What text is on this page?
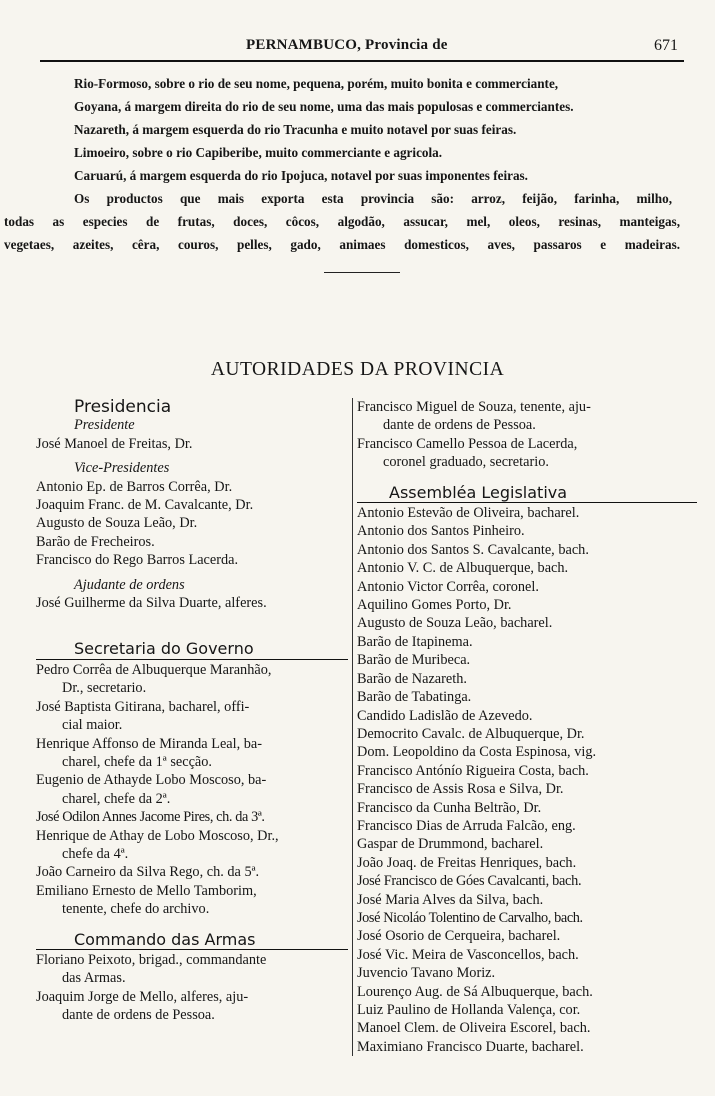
PERNAMBUCO, Provincia de	671
Rio-Formoso, sobre o rio de seu nome, pequena, porém, muito bonita e commerciante,
Goyana, á margem direita do rio de seu nome, uma das mais populosas e commerciantes.
Nazareth, á margem esquerda do rio Tracunha e muito notavel por suas feiras.
Limoeiro, sobre o rio Capiberibe, muito commerciante e agricola.
Caruarú, á margem esquerda do rio Ipojuca, notavel por suas imponentes feiras.
Os productos que mais exporta esta provincia são: arroz, feijão, farinha, milho,
todas as especies de frutas, doces, côcos, algodão, assucar, mel, oleos, resinas, manteigas,
vegetaes, azeites, cêra, couros, pelles, gado, animaes domesticos, aves, passaros e madeiras.
AUTORIDADES DA PROVINCIA
Presidencia
Presidente
José Manoel de Freitas, Dr.
Vice-Presidentes
Antonio Ep. de Barros Corrêa, Dr.
Joaquim Franc. de M. Cavalcante, Dr.
Augusto de Souza Leão, Dr.
Barão de Frecheiros.
Francisco do Rego Barros Lacerda.
Ajudante de ordens
José Guilherme da Silva Duarte, alferes.
Secretaria do Governo
Pedro Corrêa de Albuquerque Maranhão,
Dr., secretario.
José Baptista Gitirana, bacharel, offi-
cial maior.
Henrique Affonso de Miranda Leal, ba-
charel, chefe da 1ª secção.
Eugenio de Athayde Lobo Moscoso, ba-
charel, chefe da 2ª.
José Odilon Annes Jacome Pires, ch. da 3ª.
Henrique de Athay de Lobo Moscoso, Dr.,
chefe da 4ª.
João Carneiro da Silva Rego, ch. da 5ª.
Emiliano Ernesto de Mello Tamborim,
tenente, chefe do archivo.
Commando das Armas
Floriano Peixoto, brigad., commandante
das Armas.
Joaquim Jorge de Mello, alferes, aju-
dante de ordens de Pessoa.
Francisco Miguel de Souza, tenente, aju-
dante de ordens de Pessoa.
Francisco Camello Pessoa de Lacerda,
coronel graduado, secretario.
Assembléa Legislativa
Antonio Estevão de Oliveira, bacharel.
Antonio dos Santos Pinheiro.
Antonio dos Santos S. Cavalcante, bach.
Antonio V. C. de Albuquerque, bach.
Antonio Victor Corrêa, coronel.
Aquilino Gomes Porto, Dr.
Augusto de Souza Leão, bacharel.
Barão de Itapinema.
Barão de Muribeca.
Barão de Nazareth.
Barão de Tabatinga.
Candido Ladislão de Azevedo.
Democrito Cavalc. de Albuquerque, Dr.
Dom. Leopoldino da Costa Espinosa, vig.
Francisco Antónío Rigueira Costa, bach.
Francisco de Assis Rosa e Silva, Dr.
Francisco da Cunha Beltrão, Dr.
Francisco Dias de Arruda Falcão, eng.
Gaspar de Drummond, bacharel.
João Joaq. de Freitas Henriques, bach.
José Francisco de Góes Cavalcanti, bach.
José Maria Alves da Silva, bach.
José Nicoláo Tolentino de Carvalho, bach.
José Osorio de Cerqueira, bacharel.
José Vic. Meira de Vasconcellos, bach.
Juvencio Tavano Moriz.
Lourenço Aug. de Sá Albuquerque, bach.
Luiz Paulino de Hollanda Valença, cor.
Manoel Clem. de Oliveira Escorel, bach.
Maximiano Francisco Duarte, bacharel.
